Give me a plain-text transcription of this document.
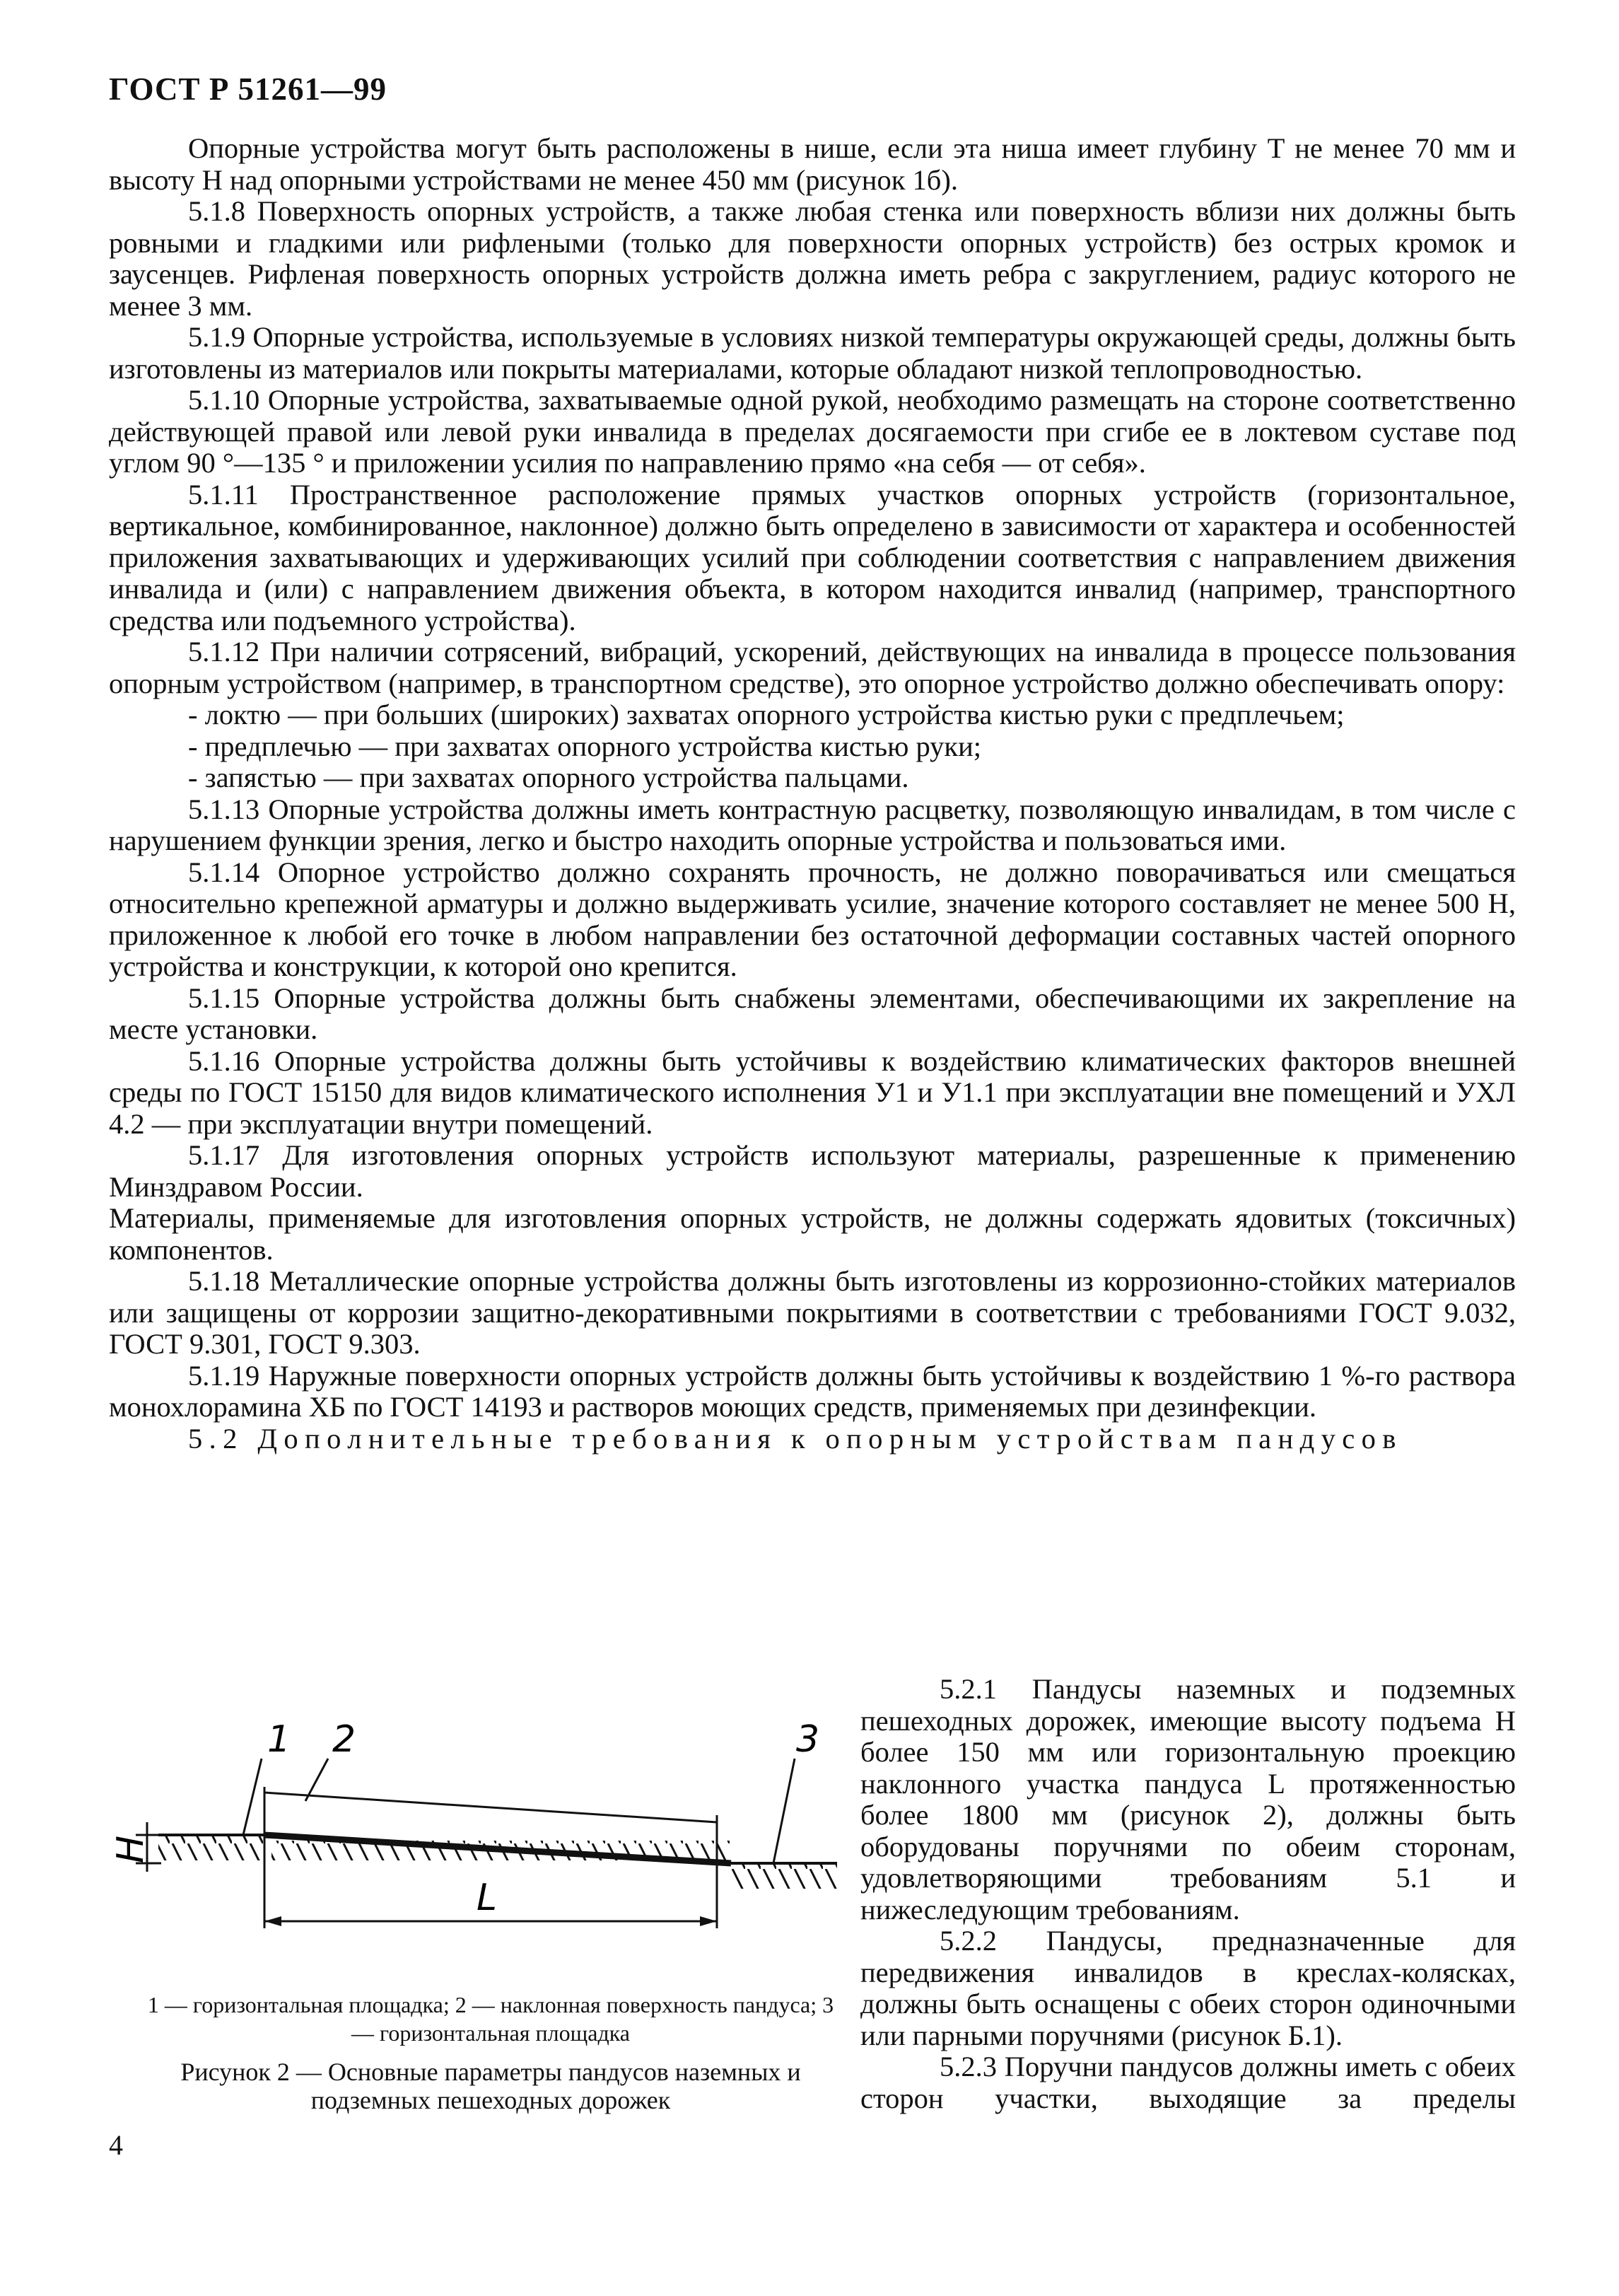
ГОСТ Р 51261—99

Опорные устройства могут быть расположены в нише, если эта ниша имеет глубину T не менее 70 мм и высоту H над опорными устройствами не менее 450 мм (рисунок 1б).

5.1.8 Поверхность опорных устройств, а также любая стенка или поверхность вблизи них должны быть ровными и гладкими или рифлеными (только для поверхности опорных устройств) без острых кромок и заусенцев. Рифленая поверхность опорных устройств должна иметь ребра с закруглением, радиус которого не менее 3 мм.

5.1.9 Опорные устройства, используемые в условиях низкой температуры окружающей среды, должны быть изготовлены из материалов или покрыты материалами, которые обладают низкой теплопроводностью.

5.1.10 Опорные устройства, захватываемые одной рукой, необходимо размещать на стороне соответственно действующей правой или левой руки инвалида в пределах досягаемости при сгибе ее в локтевом суставе под углом 90 °—135 ° и приложении усилия по направлению прямо «на себя — от себя».

5.1.11 Пространственное расположение прямых участков опорных устройств (горизонтальное, вертикальное, комбинированное, наклонное) должно быть определено в зависимости от характера и особенностей приложения захватывающих и удерживающих усилий при соблюдении соответствия с направлением движения инвалида и (или) с направлением движения объекта, в котором находится инвалид (например, транспортного средства или подъемного устройства).

5.1.12 При наличии сотрясений, вибраций, ускорений, действующих на инвалида в процессе пользования опорным устройством (например, в транспортном средстве), это опорное устройство должно обеспечивать опору:

- локтю — при больших (широких) захватах опорного устройства кистью руки с предплечьем;

- предплечью — при захватах опорного устройства кистью руки;

- запястью — при захватах опорного устройства пальцами.

5.1.13 Опорные устройства должны иметь контрастную расцветку, позволяющую инвалидам, в том числе с нарушением функции зрения, легко и быстро находить опорные устройства и пользоваться ими.

5.1.14 Опорное устройство должно сохранять прочность, не должно поворачиваться или смещаться относительно крепежной арматуры и должно выдерживать усилие, значение которого составляет не менее 500 Н, приложенное к любой его точке в любом направлении без остаточной деформации составных частей опорного устройства и конструкции, к которой оно крепится.

5.1.15 Опорные устройства должны быть снабжены элементами, обеспечивающими их закрепление на месте установки.

5.1.16 Опорные устройства должны быть устойчивы к воздействию климатических факторов внешней среды по ГОСТ 15150 для видов климатического исполнения У1 и У1.1 при эксплуатации вне помещений и УХЛ 4.2 — при эксплуатации внутри помещений.

5.1.17 Для изготовления опорных устройств используют материалы, разрешенные к применению Минздравом России.

Материалы, применяемые для изготовления опорных устройств, не должны содержать ядовитых (токсичных) компонентов.

5.1.18 Металлические опорные устройства должны быть изготовлены из коррозионно-стойких материалов или защищены от коррозии защитно-декоративными покрытиями в соответствии с требованиями ГОСТ 9.032, ГОСТ 9.301, ГОСТ 9.303.

5.1.19 Наружные поверхности опорных устройств должны быть устойчивы к воздействию 1 %-го раствора монохлорамина ХБ по ГОСТ 14193 и растворов моющих средств, применяемых при дезинфекции.

5.2 Дополнительные требования к опорным устройствам пандусов

1 2	3
H
L
1 — горизонтальная площадка; 2 — наклонная поверхность пандуса; 3 — горизонтальная площадка
Рисунок 2 — Основные параметры пандусов наземных и подземных пешеходных дорожек

5.2.1 Пандусы наземных и подземных пешеходных дорожек, имеющие высоту подъема H более 150 мм или горизонтальную проекцию наклонного участка пандуса L протяженностью более 1800 мм (рисунок 2), должны быть оборудованы поручнями по обеим сторонам, удовлетворяющими требованиям 5.1 и нижеследующим требованиям.

5.2.2 Пандусы, предназначенные для передвижения инвалидов в креслах-колясках, должны быть оснащены с обеих сторон одиночными или парными поручнями (рисунок Б.1).

5.2.3 Поручни пандусов должны иметь с обеих сторон участки, выходящие за пределы

4
